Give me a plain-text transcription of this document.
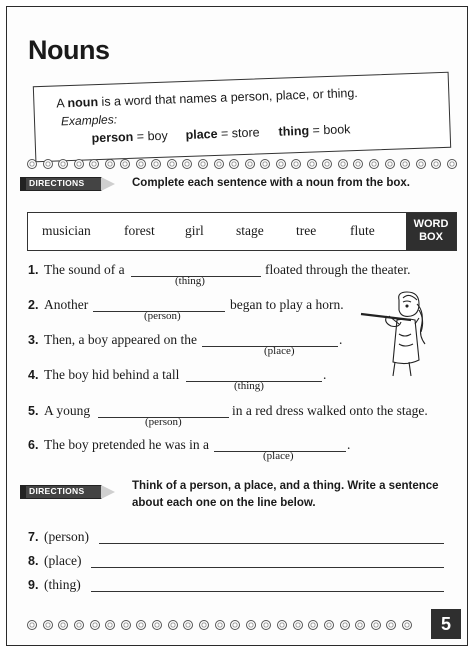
Nouns
A noun is a word that names a person, place, or thing.
Examples:
person = boy place = store thing = book
DIRECTIONS	Complete each sentence with a noun from the box.
musician forest girl stage tree	flute	WORD
BOX
1. The sound of a	floated through the theater.
(thing)
2. Another	began to play a horn.
(person)
3. Then, a boy appeared on the	.
(place)
4. The boy hid behind a tall	.
(thing)
5. A young	in a red dress walked onto the stage.
(person)
6. The boy pretended he was in a	.
(place)
DIRECTIONS	Think of a person, a place, and a thing. Write a sentence
about each one on the line below.
7. (person)
8. (place)
9. (thing)
5
